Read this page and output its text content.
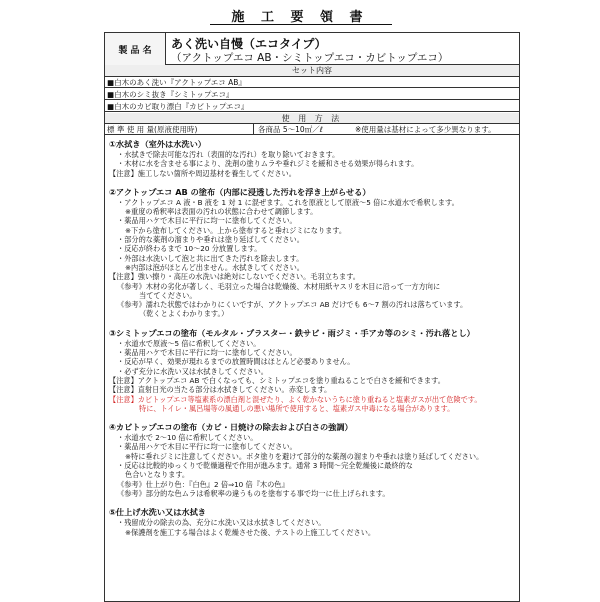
施 工 要 領 書
製 品 名	あく洗い自慢（エコタイプ）
（アクトップエコ AB・シミトップエコ・カビトップエコ）
セット内容
■白木のあく洗い『アクトップエコ AB』
■白木のシミ抜き『シミトップエコ』
■白木のカビ取り漂白『カビトップエコ』
使 用 方 法
標 準 使 用 量(原液使用時)	各商品 5～10㎡／ℓ	※使用量は基材によって多少異なります。
①水拭き（室外は水洗い）
・水拭きで除去可能な汚れ（表面的な汚れ）を取り除いておきます。
・木材に水を含ませる事により、洗剤の塗りムラや垂れジミを緩和させる効果が得られます。
【注意】施工しない箇所や周辺基材を養生してください。
②アクトップエコ AB の塗布（内部に浸透した汚れを浮き上がらせる）
・アクトップエコ A 液・B 液を 1 対 1 に混ぜます。これを原液として原液～5 倍に水道水で希釈します。
※重度の希釈率は表面の汚れの状態に合わせて調節します。
・薬品用ハケで木目に平行に均一に塗布してください。
※下から塗布してください。上から塗布すると垂れジミになります。
・部分的な薬剤の溜まりや垂れは塗り延ばしてください。
・反応が終わるまで 10～20 分放置します。
・外部は水洗いして泡と共に出てきた汚れを除去します。
※内部は泡がほとんど出ません。水拭きしてください。
【注意】強い擦り・高圧の水洗いは絶対にしないでください。毛羽立ちます。
《参考》木材の劣化が著しく、毛羽立った場合は乾燥後、木材用紙ヤスリを木目に沿って一方方向に
当ててください。
《参考》濡れた状態ではわかりにくいですが、アクトップエコ AB だけでも 6～7 割の汚れは落ちています。
（乾くとよくわかります。）
③シミトップエコの塗布（モルタル・プラスター・鉄サビ・雨ジミ・手アカ等のシミ・汚れ落とし）
・水道水で原液～5 倍に希釈してください。
・薬品用ハケで木目に平行に均一に塗布してください。
・反応が早く、効果が現れるまでの放置時間はほとんど必要ありません。
・必ず充分に水洗い又は水拭きしてください。
【注意】アクトップエコ AB で白くなっても、シミトップエコを塗り重ねることで白さを緩和できます。
【注意】直射日光の当たる部分は水拭きしてください。赤変します。
【注意】カビトップエコ等塩素系の漂白剤と混ぜたり、よく乾かないうちに塗り重ねると塩素ガスが出て危険です。
特に、トイレ・風呂場等の風通しの悪い場所で使用すると、塩素ガス中毒になる場合があります。
④カビトップエコの塗布（カビ・日焼けの除去および白さの強調）
・水道水で 2～10 倍に希釈してください。
・薬品用ハケで木目に平行に均一に塗布してください。
※特に垂れジミに注意してください。ボタ塗りを避けて部分的な薬剤の溜まりや垂れは塗り延ばしてください。
・反応は比較的ゆっくりで乾燥過程で作用が進みます。通常 3 時間～完全乾燥後に最終的な
色合いとなります。
《参考》仕上がり色：『白色』2 倍⇒10 倍『木の色』
《参考》部分的な色ムラは希釈率の違うものを塗布する事で均一に仕上げられます。
⑤仕上げ水洗い又は水拭き
・残留成分の除去の為、充分に水洗い又は水拭きしてください。
※保護剤を施工する場合はよく乾燥させた後、テストの上施工してください。
